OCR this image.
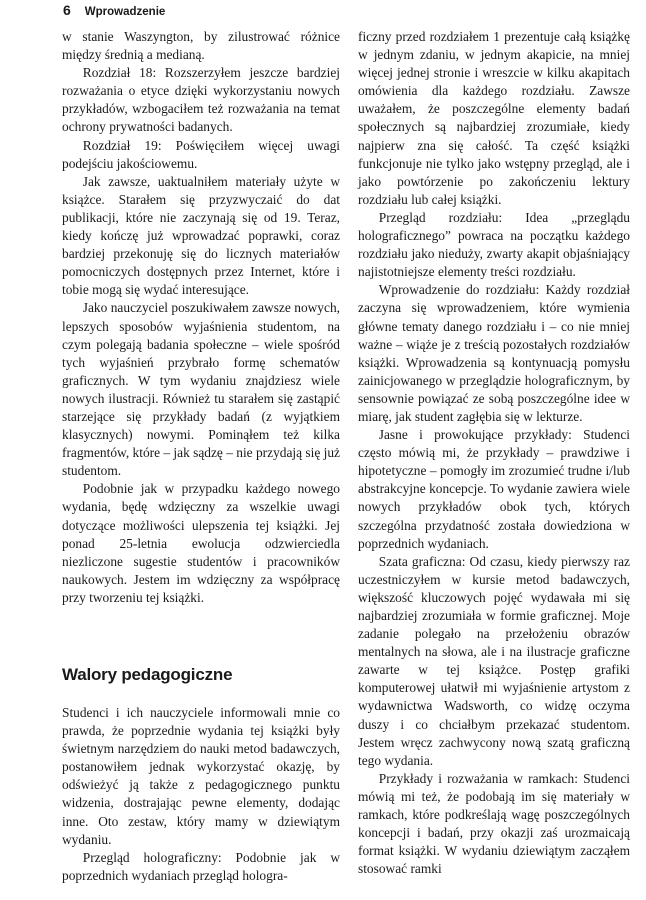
6 Wprowadzenie

w stanie Waszyngton, by zilustrować różnice między średnią a medianą.

Rozdział 18: Rozszerzyłem jeszcze bardziej rozważania o etyce dzięki wykorzystaniu nowych przykładów, wzbogaciłem też rozważania na temat ochrony prywatności badanych.

Rozdział 19: Poświęciłem więcej uwagi podejściu jakościowemu.

Jak zawsze, uaktualniłem materiały użyte w książce. Starałem się przyzwyczaić do dat publikacji, które nie zaczynają się od 19. Teraz, kiedy kończę już wprowadzać poprawki, coraz bardziej przekonuję się do licznych materiałów pomocniczych dostępnych przez Internet, które i tobie mogą się wydać interesujące.

Jako nauczyciel poszukiwałem zawsze nowych, lepszych sposobów wyjaśnienia studentom, na czym polegają badania społeczne – wiele spośród tych wyjaśnień przybrało formę schematów graficznych. W tym wydaniu znajdziesz wiele nowych ilustracji. Również tu starałem się zastąpić starzejące się przykłady badań (z wyjątkiem klasycznych) nowymi. Pominąłem też kilka fragmentów, które – jak sądzę – nie przydają się już studentom.

Podobnie jak w przypadku każdego nowego wydania, będę wdzięczny za wszelkie uwagi dotyczące możliwości ulepszenia tej książki. Jej ponad 25-letnia ewolucja odzwierciedla niezliczone sugestie studentów i pracowników naukowych. Jestem im wdzięczny za współpracę przy tworzeniu tej książki.

Walory pedagogiczne

Studenci i ich nauczyciele informowali mnie co prawda, że poprzednie wydania tej książki były świetnym narzędziem do nauki metod badawczych, postanowiłem jednak wykorzystać okazję, by odświeżyć ją także z pedagogicznego punktu widzenia, dostrajając pewne elementy, dodając inne. Oto zestaw, który mamy w dziewiątym wydaniu.

Przegląd holograficzny: Podobnie jak w poprzednich wydaniach przegląd hologra-

ficzny przed rozdziałem 1 prezentuje całą książkę w jednym zdaniu, w jednym akapicie, na mniej więcej jednej stronie i wreszcie w kilku akapitach omówienia dla każdego rozdziału. Zawsze uważałem, że poszczególne elementy badań społecznych są najbardziej zrozumiałe, kiedy najpierw zna się całość. Ta część książki funkcjonuje nie tylko jako wstępny przegląd, ale i jako powtórzenie po zakończeniu lektury rozdziału lub całej książki.

Przegląd rozdziału: Idea „przeglądu holograficznego” powraca na początku każdego rozdziału jako nieduży, zwarty akapit objaśniający najistotniejsze elementy treści rozdziału.

Wprowadzenie do rozdziału: Każdy rozdział zaczyna się wprowadzeniem, które wymienia główne tematy danego rozdziału i – co nie mniej ważne – wiąże je z treścią pozostałych rozdziałów książki. Wprowadzenia są kontynuacją pomysłu zainicjowanego w przeglądzie holograficznym, by sensownie powiązać ze sobą poszczególne idee w miarę, jak student zagłębia się w lekturze.

Jasne i prowokujące przykłady: Studenci często mówią mi, że przykłady – prawdziwe i hipotetyczne – pomogły im zrozumieć trudne i/lub abstrakcyjne koncepcje. To wydanie zawiera wiele nowych przykładów obok tych, których szczególna przydatność została dowiedziona w poprzednich wydaniach.

Szata graficzna: Od czasu, kiedy pierwszy raz uczestniczyłem w kursie metod badawczych, większość kluczowych pojęć wydawała mi się najbardziej zrozumiała w formie graficznej. Moje zadanie polegało na przełożeniu obrazów mentalnych na słowa, ale i na ilustracje graficzne zawarte w tej książce. Postęp grafiki komputerowej ułatwił mi wyjaśnienie artystom z wydawnictwa Wadsworth, co widzę oczyma duszy i co chciałbym przekazać studentom. Jestem wręcz zachwycony nową szatą graficzną tego wydania.

Przykłady i rozważania w ramkach: Studenci mówią mi też, że podobają im się materiały w ramkach, które podkreślają wagę poszczególnych koncepcji i badań, przy okazji zaś urozmaicają format książki. W wydaniu dziewiątym zacząłem stosować ramki
